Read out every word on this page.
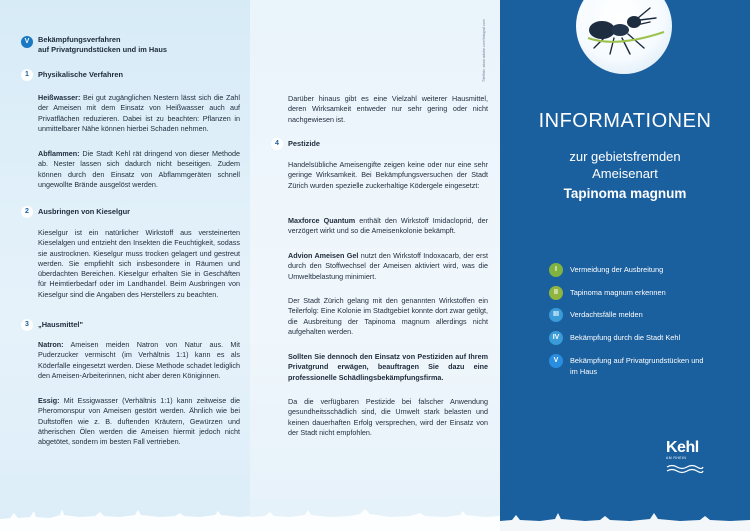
V	Bekämpfungsverfahren
auf Privatgrundstücken und im Haus
1	Physikalische Verfahren
Heißwasser: Bei gut zugänglichen Nestern lässt sich die Zahl der Ameisen mit dem Einsatz von Heißwasser auch auf Privatflächen reduzieren. Dabei ist zu beachten: Pflanzen in unmittelbarer Nähe können hierbei Schaden nehmen.
Abflammen: Die Stadt Kehl rät dringend von dieser Methode ab. Nester lassen sich dadurch nicht beseitigen. Zudem können durch den Einsatz von Abflammgeräten schnell ungewollte Brände ausgelöst werden.
2	Ausbringen von Kieselgur
Kieselgur ist ein natürlicher Wirkstoff aus versteinerten Kieselalgen und entzieht den Insekten die Feuchtigkeit, sodass sie austrocknen. Kieselgur muss trocken gelagert und gestreut werden. Sie empfiehlt sich insbesondere in Räumen und überdachten Bereichen. Kieselgur erhalten Sie in Geschäften für Heimtierbedarf oder im Landhandel. Beim Ausbringen von Kieselgur sind die Angaben des Herstellers zu beachten.
3	„Hausmittel"
Natron: Ameisen meiden Natron von Natur aus. Mit Puderzucker vermischt (im Verhältnis 1:1) kann es als Köderfalle eingesetzt werden. Diese Methode schadet lediglich den Ameisen-Arbeiterinnen, nicht aber deren Königinnen.
Essig: Mit Essigwasser (Verhältnis 1:1) kann zeitweise die Pheromonspur von Ameisen gestört werden. Ähnlich wie bei Duftstoffen wie z. B. duftenden Kräutern, Gewürzen und ätherischen Ölen werden die Ameisen hiermit jedoch nicht abgetötet, sondern im besten Fall vertrieben.
Titelfoto: stock.adobe.com/fotograf.com
Darüber hinaus gibt es eine Vielzahl weiterer Hausmittel, deren Wirksamkeit entweder nur sehr gering oder nicht nachgewiesen ist.
4	Pestizide
Handelsübliche Ameisengifte zeigen keine oder nur eine sehr geringe Wirksamkeit. Bei Bekämpfungsversuchen der Stadt Zürich wurden spezielle zuckerhaltige Ködergele eingesetzt:
Maxforce Quantum enthält den Wirkstoff Imidacloprid, der verzögert wirkt und so die Ameisenkolonie bekämpft.
Advion Ameisen Gel nutzt den Wirkstoff Indoxacarb, der erst durch den Stoffwechsel der Ameisen aktiviert wird, was die Umweltbelastung minimiert.
Der Stadt Zürich gelang mit den genannten Wirkstoffen ein Teilerfolg: Eine Kolonie im Stadtgebiet konnte dort zwar getilgt, die Ausbreitung der Tapinoma magnum allerdings nicht aufgehalten werden.
Sollten Sie dennoch den Einsatz von Pestiziden auf Ihrem Privatgrund erwägen, beauftragen Sie dazu eine professionelle Schädlingsbekämpfungsfirma.
Da die verfügbaren Pestizide bei falscher Anwendung gesundheitsschädlich sind, die Umwelt stark belasten und keinen dauerhaften Erfolg versprechen, wird der Einsatz von der Stadt nicht empfohlen.
INFORMATIONEN
zur gebietsfremden
Ameisenart
Tapinoma magnum
I	Vermeidung der Ausbreitung
II	Tapinoma magnum erkennen
III	Verdachtsfälle melden
IV	Bekämpfung durch die Stadt Kehl
V	Bekämpfung auf Privatgrundstücken und im Haus
Kehl
AM RHEIN
